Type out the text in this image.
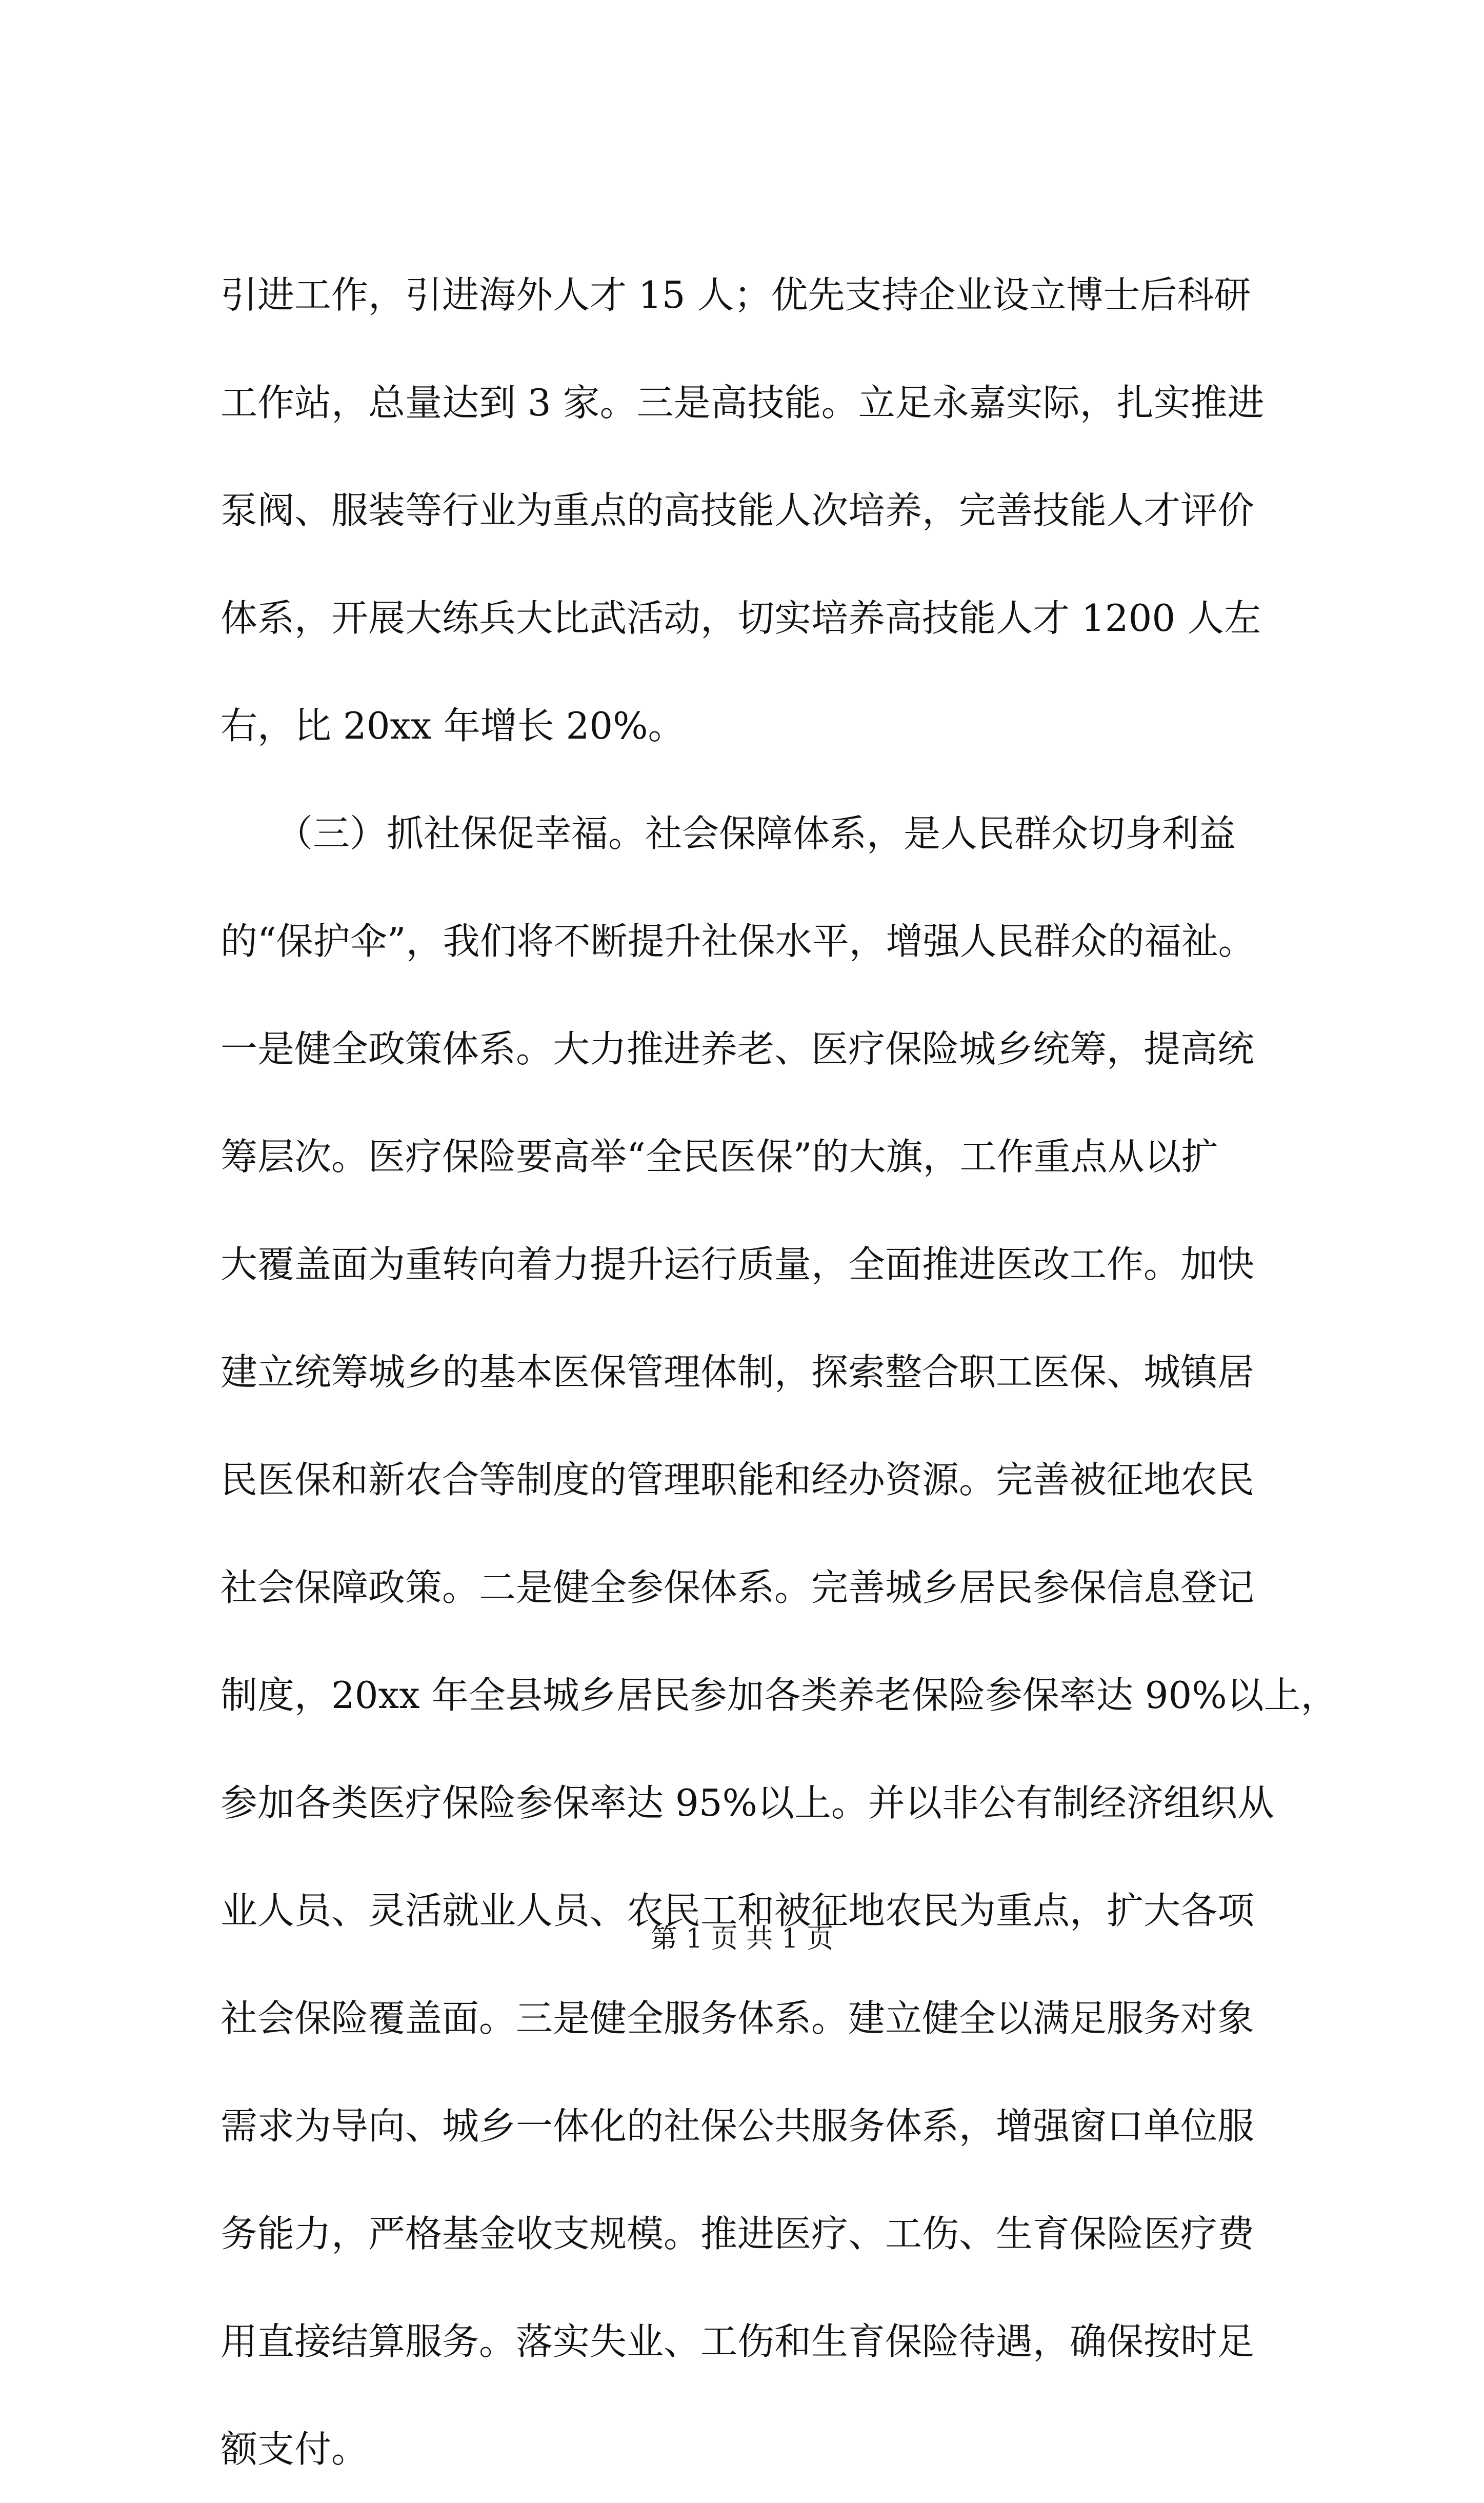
引进工作，引进海外人才 15 人；优先支持企业设立博士后科研
工作站，总量达到 3 家。三是高技能。立足永嘉实际，扎实推进
泵阀、服装等行业为重点的高技能人次培养，完善技能人才评价
体系，开展大练兵大比武活动，切实培养高技能人才 1200 人左
右，比 20xx 年增长 20%。
　　（三）抓社保促幸福。社会保障体系，是人民群众切身利益
的“保护伞”，我们将不断提升社保水平，增强人民群众的福祉。
一是健全政策体系。大力推进养老、医疗保险城乡统筹，提高统
筹层次。医疗保险要高举“全民医保”的大旗，工作重点从以扩
大覆盖面为重转向着力提升运行质量，全面推进医改工作。加快
建立统筹城乡的基本医保管理体制，探索整合职工医保、城镇居
民医保和新农合等制度的管理职能和经办资源。完善被征地农民
社会保障政策。二是健全参保体系。完善城乡居民参保信息登记
制度，20xx 年全县城乡居民参加各类养老保险参保率达 90%以上，
参加各类医疗保险参保率达 95%以上。并以非公有制经济组织从
业人员、灵活就业人员、农民工和被征地农民为重点，扩大各项
社会保险覆盖面。三是健全服务体系。建立健全以满足服务对象
需求为导向、城乡一体化的社保公共服务体系，增强窗口单位服
务能力，严格基金收支规模。推进医疗、工伤、生育保险医疗费
用直接结算服务。落实失业、工伤和生育保险待遇，确保按时足
额支付。
第 1 页 共 1 页
